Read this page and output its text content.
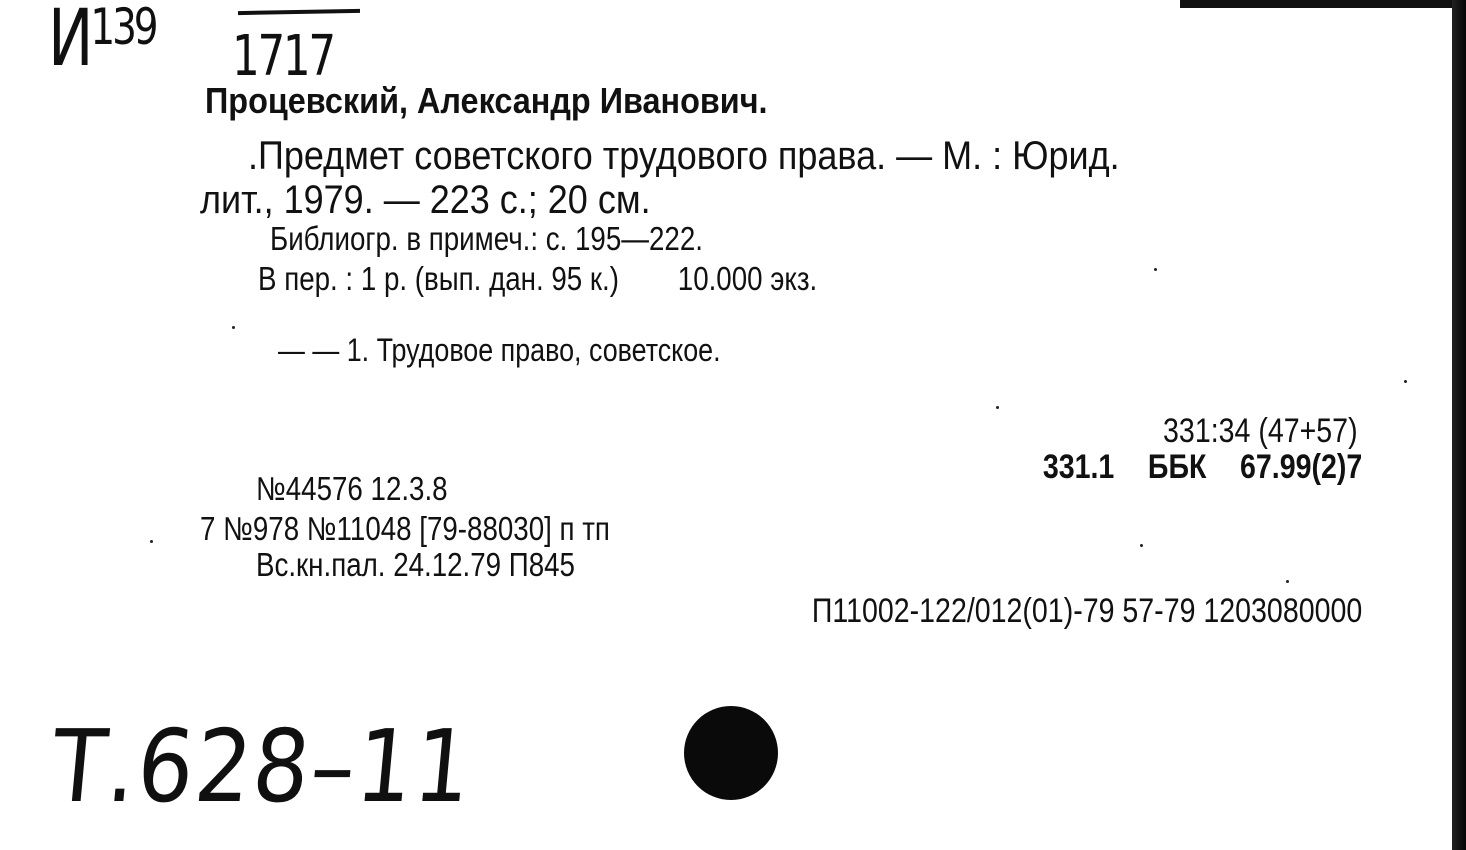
$И^{139}$ 1717
Процевский, Александр Иванович.
.Предмет советского трудового права. — М. : Юрид.
лит., 1979. — 223 с.; 20 см.
Библиогр. в примеч.: с. 195—222.
В пер. : 1 р. (вып. дан. 95 к.) 10.000 экз.
— — 1. Трудовое право, советское.
331:34 (47+57)
331.1 ББК 67.99(2)7
№44576 12.3.8
7 №978 №11048 [79-88030] п тп
Вс.кн.пал. 24.12.79 П845
П11002-122/012(01)-79 57-79 1203080000
Т.628–11
